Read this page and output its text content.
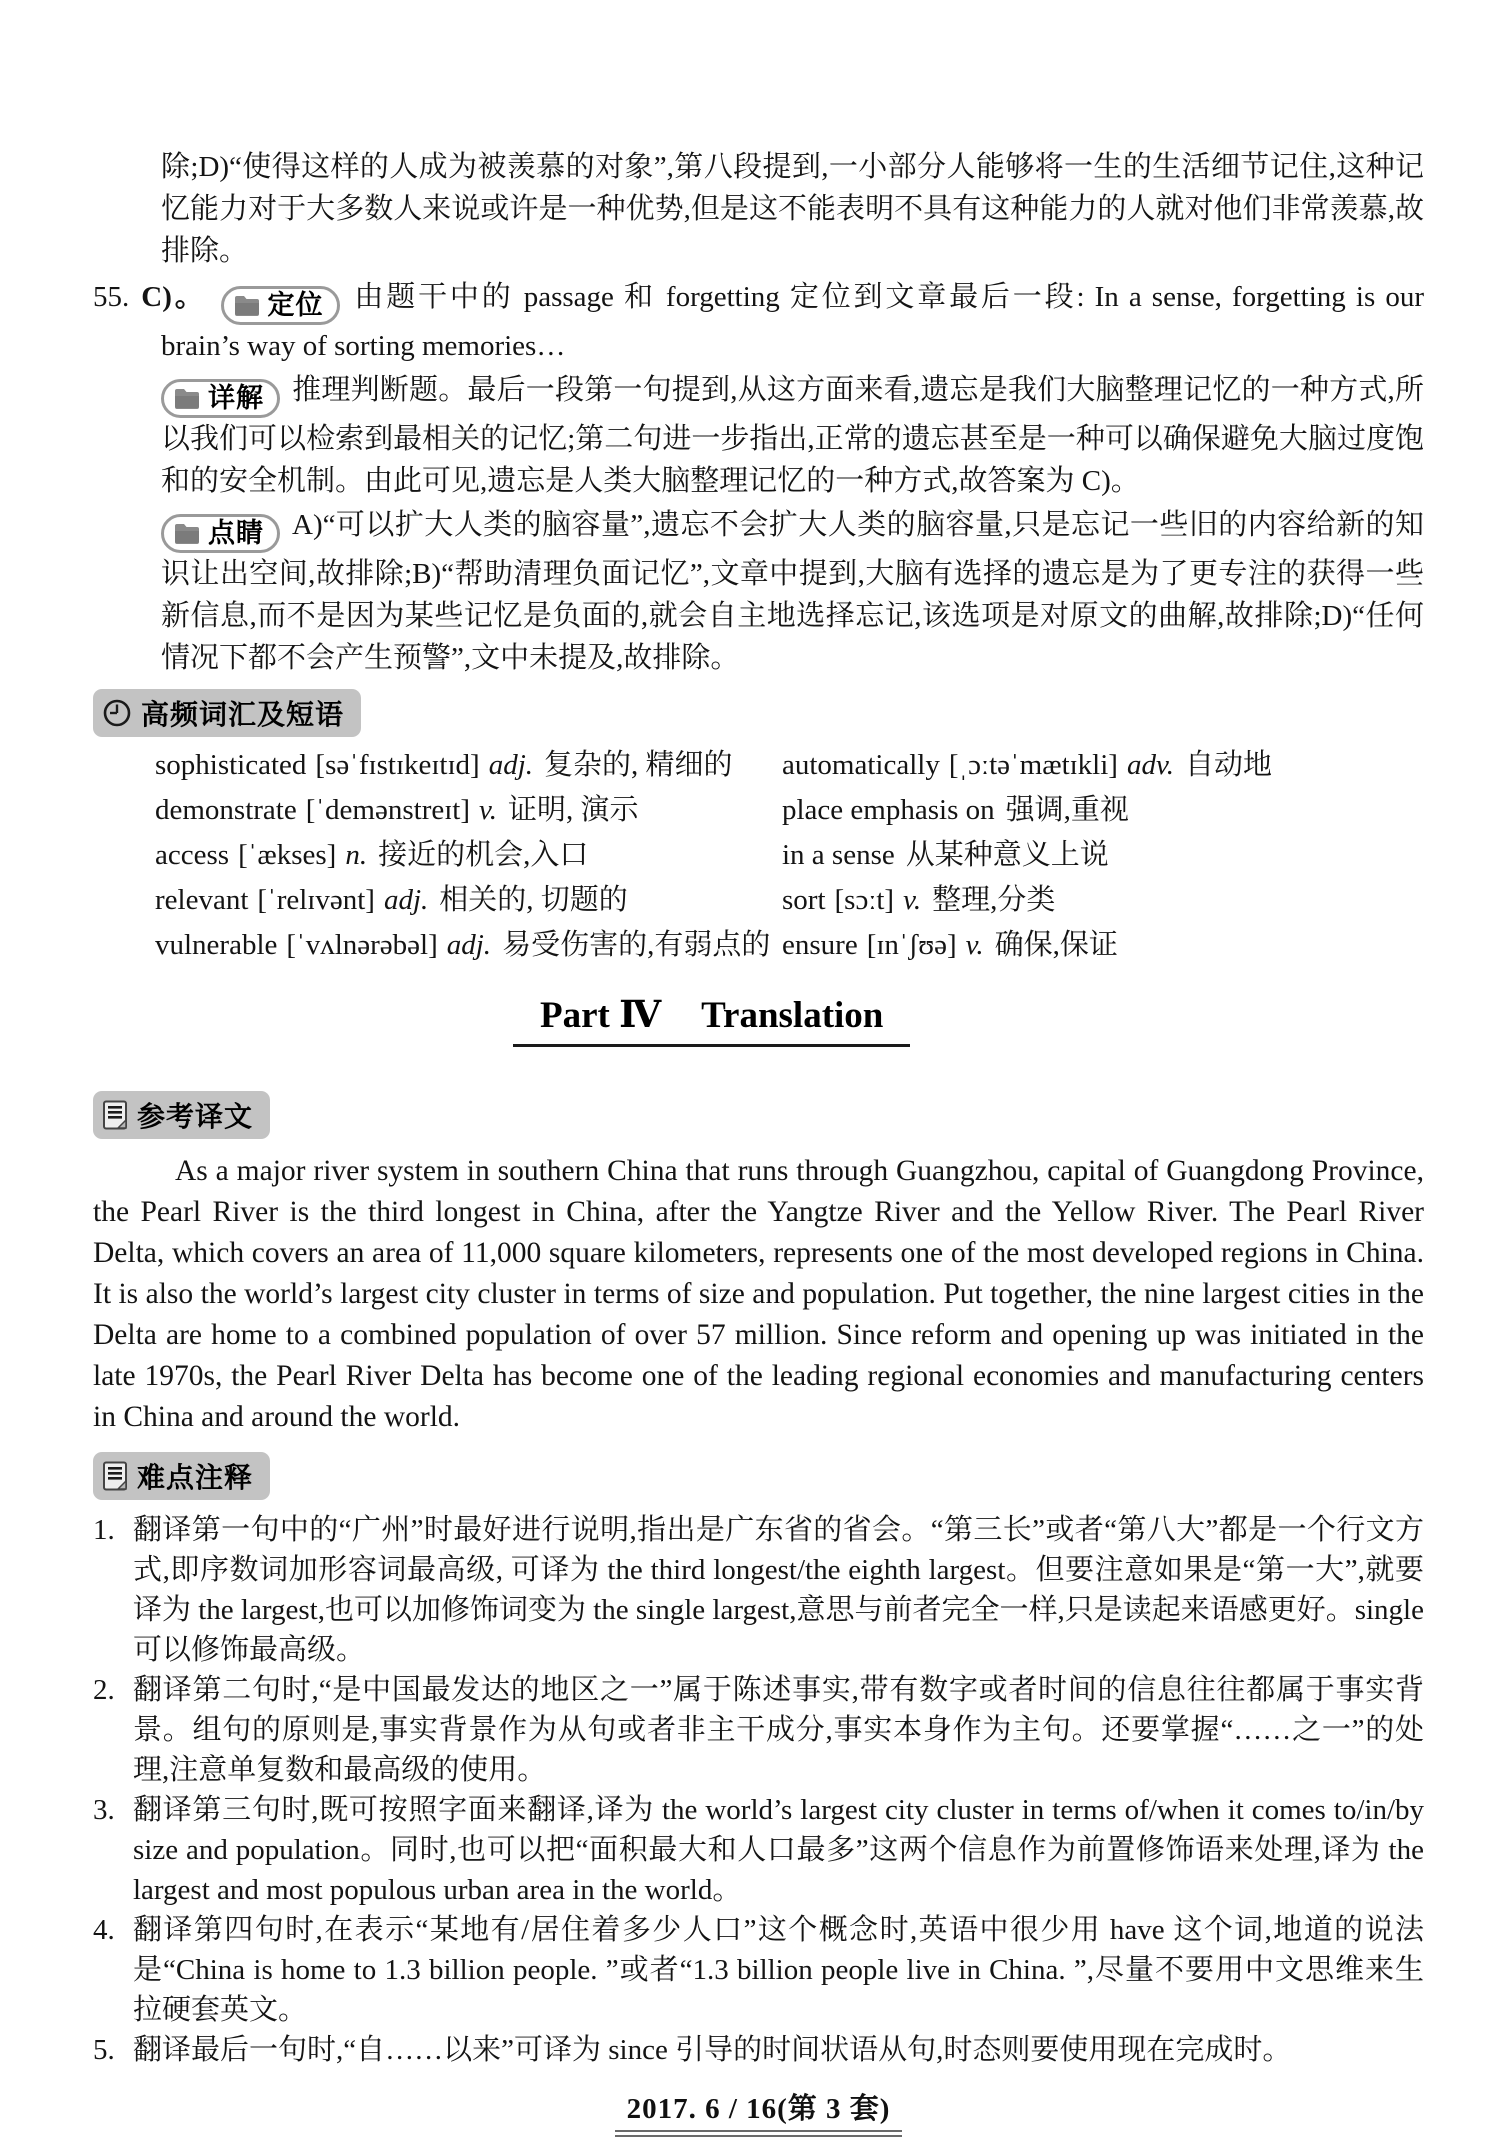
除;D)“使得这样的人成为被羡慕的对象”,第八段提到,一小部分人能够将一生的生活细节记住,这种记忆能力对于大多数人来说或许是一种优势,但是这不能表明不具有这种能力的人就对他们非常羡慕,故排除。

55. C)。 定位 由题干中的 passage 和 forgetting 定位到文章最后一段: In a sense, forgetting is our brain’s way of sorting memories…

详解 推理判断题。最后一段第一句提到,从这方面来看,遗忘是我们大脑整理记忆的一种方式,所以我们可以检索到最相关的记忆;第二句进一步指出,正常的遗忘甚至是一种可以确保避免大脑过度饱和的安全机制。由此可见,遗忘是人类大脑整理记忆的一种方式,故答案为 C)。

点睛 A)“可以扩大人类的脑容量”,遗忘不会扩大人类的脑容量,只是忘记一些旧的内容给新的知识让出空间,故排除;B)“帮助清理负面记忆”,文章中提到,大脑有选择的遗忘是为了更专注的获得一些新信息,而不是因为某些记忆是负面的,就会自主地选择忘记,该选项是对原文的曲解,故排除;D)“任何情况下都不会产生预警”,文中未提及,故排除。

高频词汇及短语
sophisticated [səˈfɪstɪkeɪtɪd] adj. 复杂的, 精细的
demonstrate [ˈdemənstreɪt] v. 证明, 演示
access [ˈækses] n. 接近的机会,入口
relevant [ˈrelɪvənt] adj. 相关的, 切题的
vulnerable [ˈvʌlnərəbəl] adj. 易受伤害的,有弱点的
automatically [ˌɔːtəˈmætɪkli] adv. 自动地
place emphasis on 强调,重视
in a sense 从某种意义上说
sort [sɔːt] v. 整理,分类
ensure [ɪnˈʃʊə] v. 确保,保证
Part Ⅳ Translation
参考译文

As a major river system in southern China that runs through Guangzhou, capital of Guangdong Province, the Pearl River is the third longest in China, after the Yangtze River and the Yellow River. The Pearl River Delta, which covers an area of 11,000 square kilometers, represents one of the most developed regions in China. It is also the world’s largest city cluster in terms of size and population. Put together, the nine largest cities in the Delta are home to a combined population of over 57 million. Since reform and opening up was initiated in the late 1970s, the Pearl River Delta has become one of the leading regional economies and manufacturing centers in China and around the world.

难点注释
1. 翻译第一句中的“广州”时最好进行说明,指出是广东省的省会。“第三长”或者“第八大”都是一个行文方式,即序数词加形容词最高级, 可译为 the third longest/the eighth largest。但要注意如果是“第一大”,就要译为 the largest,也可以加修饰词变为 the single largest,意思与前者完全一样,只是读起来语感更好。single 可以修饰最高级。
2. 翻译第二句时,“是中国最发达的地区之一”属于陈述事实,带有数字或者时间的信息往往都属于事实背景。组句的原则是,事实背景作为从句或者非主干成分,事实本身作为主句。还要掌握“……之一”的处理,注意单复数和最高级的使用。
3. 翻译第三句时,既可按照字面来翻译,译为 the world’s largest city cluster in terms of/when it comes to/in/by size and population。同时,也可以把“面积最大和人口最多”这两个信息作为前置修饰语来处理,译为 the largest and most populous urban area in the world。
4. 翻译第四句时,在表示“某地有/居住着多少人口”这个概念时,英语中很少用 have 这个词,地道的说法是“China is home to 1.3 billion people. ”或者“1.3 billion people live in China. ”,尽量不要用中文思维来生拉硬套英文。
5. 翻译最后一句时,“自……以来”可译为 since 引导的时间状语从句,时态则要使用现在完成时。
2017. 6 / 16(第 3 套)
